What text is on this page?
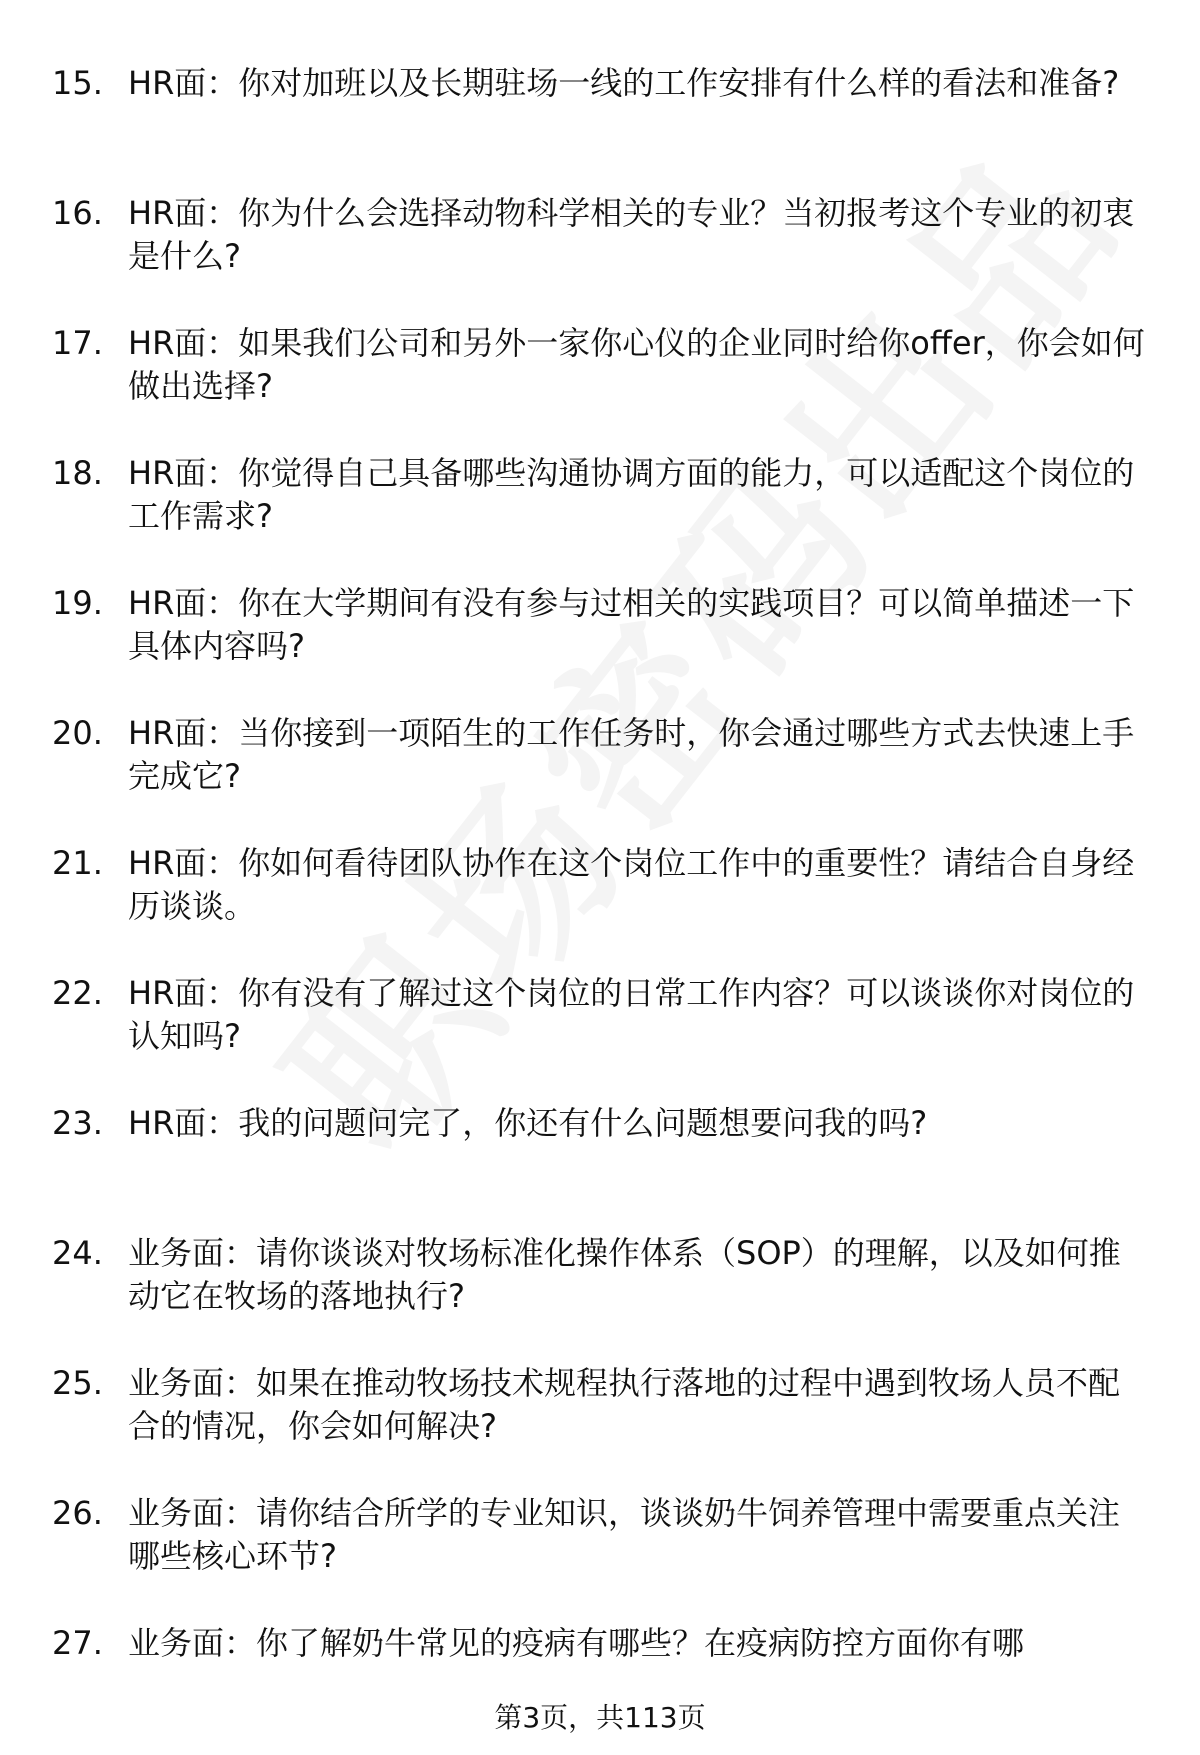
15. HR面：你对加班以及长期驻场一线的工作安排有什么样的看法和准备?
16. HR面：你为什么会选择动物科学相关的专业？当初报考这个专业的初衷是什么?
17. HR面：如果我们公司和另外一家你心仪的企业同时给你offer，你会如何做出选择?
18. HR面：你觉得自己具备哪些沟通协调方面的能力，可以适配这个岗位的工作需求?
19. HR面：你在大学期间有没有参与过相关的实践项目？可以简单描述一下具体内容吗?
20. HR面：当你接到一项陌生的工作任务时，你会通过哪些方式去快速上手完成它?
21. HR面：你如何看待团队协作在这个岗位工作中的重要性？请结合自身经历谈谈。
22. HR面：你有没有了解过这个岗位的日常工作内容？可以谈谈你对岗位的认知吗?
23. HR面：我的问题问完了，你还有什么问题想要问我的吗?
24. 业务面：请你谈谈对牧场标准化操作体系（SOP）的理解，以及如何推动它在牧场的落地执行?
25. 业务面：如果在推动牧场技术规程执行落地的过程中遇到牧场人员不配合的情况，你会如何解决?
26. 业务面：请你结合所学的专业知识，谈谈奶牛饲养管理中需要重点关注哪些核心环节?
27. 业务面：你了解奶牛常见的疫病有哪些？在疫病防控方面你有哪
第3页，共113页
